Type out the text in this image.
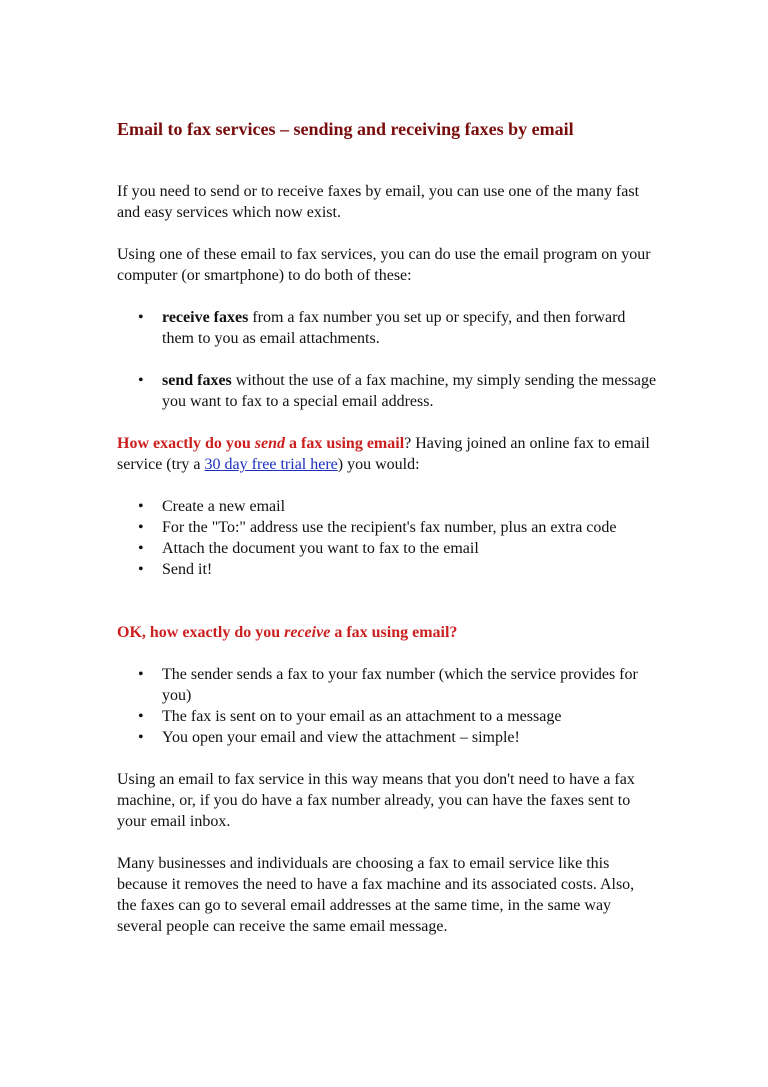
Email to fax services – sending and receiving faxes by email

If you need to send or to receive faxes by email, you can use one of the many fast and easy services which now exist.

Using one of these email to fax services, you can do use the email program on your computer (or smartphone) to do both of these:

• receive faxes from a fax number you set up or specify, and then forward them to you as email attachments.
• send faxes without the use of a fax machine, my simply sending the message you want to fax to a special email address.

How exactly do you send a fax using email? Having joined an online fax to email service (try a 30 day free trial here) you would:

• Create a new email
• For the "To:" address use the recipient's fax number, plus an extra code
• Attach the document you want to fax to the email
• Send it!

OK, how exactly do you receive a fax using email?

• The sender sends a fax to your fax number (which the service provides for you)
• The fax is sent on to your email as an attachment to a message
• You open your email and view the attachment – simple!

Using an email to fax service in this way means that you don't need to have a fax machine, or, if you do have a fax number already, you can have the faxes sent to your email inbox.

Many businesses and individuals are choosing a fax to email service like this because it removes the need to have a fax machine and its associated costs. Also, the faxes can go to several email addresses at the same time, in the same way several people can receive the same email message.
